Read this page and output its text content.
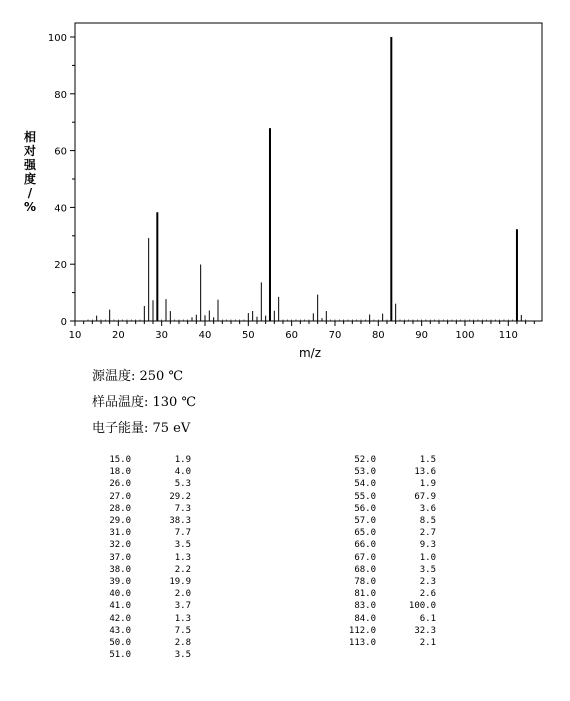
10	20	30	40	50	60	70	80	90	100 110
0
20
40
60
80
100
m/z
相
对
强
度
/
%
源温度: 250 ℃
样品温度: 130 ℃
电子能量: 75 eV
15.0	1.9
18.0	4.0
26.0	5.3
27.0	29.2
28.0	7.3
29.0	38.3
31.0	7.7
32.0	3.5
37.0	1.3
38.0	2.2
39.0	19.9
40.0	2.0
41.0	3.7
42.0	1.3
43.0	7.5
50.0	2.8
51.0	3.5
52.0	1.5
53.0	13.6
54.0	1.9
55.0	67.9
56.0	3.6
57.0	8.5
65.0	2.7
66.0	9.3
67.0	1.0
68.0	3.5
78.0	2.3
81.0	2.6
83.0	100.0
84.0	6.1
112.0	32.3
113.0	2.1
